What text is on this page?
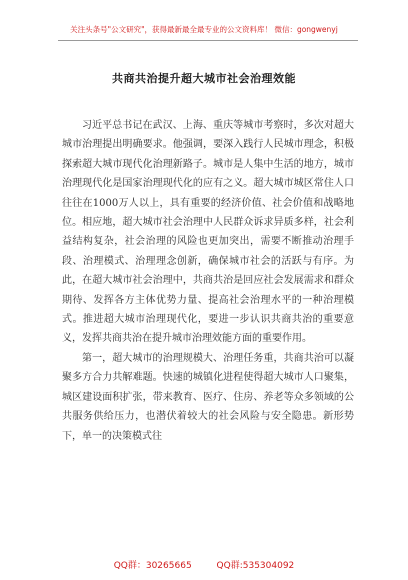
关注头条号"公文研究"，获得最新最全最专业的公文资料库！ 微信：gongwenyj
共商共治提升超大城市社会治理效能

习近平总书记在武汉、上海、重庆等城市考察时，多次对超大城市治理提出明确要求。他强调，要深入践行人民城市理念，积极探索超大城市现代化治理新路子。城市是人集中生活的地方，城市治理现代化是国家治理现代化的应有之义。超大城市城区常住人口往往在1000万人以上，具有重要的经济价值、社会价值和战略地位。相应地，超大城市社会治理中人民群众诉求异质多样，社会利益结构复杂，社会治理的风险也更加突出，需要不断推动治理手段、治理模式、治理理念创新，确保城市社会的活跃与有序。为此，在超大城市社会治理中，共商共治是回应社会发展需求和群众期待、发挥各方主体优势力量、提高社会治理水平的一种治理模式。推进超大城市治理现代化，要进一步认识共商共治的重要意义，发挥共商共治在提升城市治理效能方面的重要作用。

第一，超大城市的治理规模大、治理任务重，共商共治可以凝聚多方合力共解难题。快速的城镇化进程使得超大城市人口聚集，城区建设面积扩张，带来教育、医疗、住房、养老等众多领域的公共服务供给压力，也潜伏着较大的社会风险与安全隐患。新形势下，单一的决策模式往

QQ群：30265665	QQ群:535304092
